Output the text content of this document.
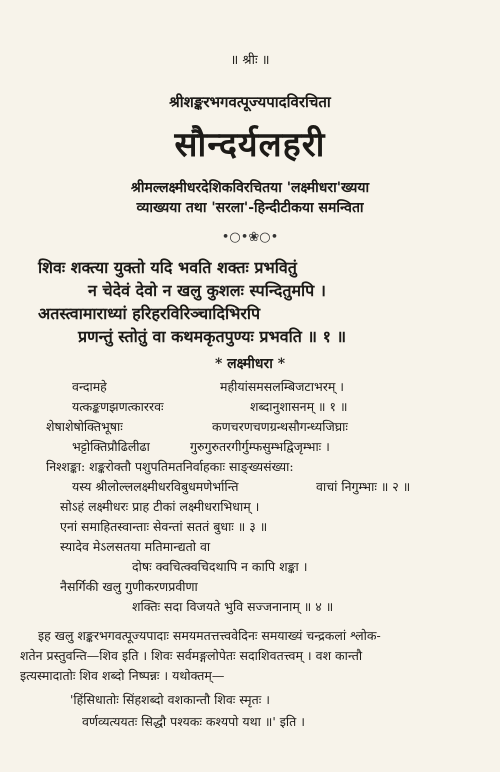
॥ श्रीः ॥
श्रीशङ्करभगवत्पूज्यपादविरचिता
सौन्दर्यलहरी
श्रीमल्लक्ष्मीधरदेशिकविरचितया 'लक्ष्मीधरा'ख्यया
व्याख्यया तथा 'सरला'-हिन्दीटीकया समन्विता
•○•❀○•
शिवः शक्त्या युक्तो यदि भवति शक्तः प्रभवितुं
न चेदेवं देवो न खलु कुशलः स्पन्दितुमपि ।
अतस्त्वामाराध्यां हरिहरविरिञ्चादिभिरपि
प्रणन्तुं स्तोतुं वा कथमकृतपुण्यः प्रभवति ॥ १ ॥
* लक्ष्मीधरा *
वन्दामहे	महीयांसमसलम्बिजटाभरम् ।
यत्कङ्कणझणत्काररवः	शब्दानुशासनम् ॥ १ ॥
शेषाशेषोक्तिभूषाः	कणचरणचणग्रन्थसौगन्ध्यजिघ्राः
भट्टोक्तिप्रौढिलीढा	गुरुगुरुतरगीर्गुम्फसुम्भद्विजृम्भाः ।
निश्शङ्का: शङ्करोक्तौ पशुपतिमतनिर्वाहकाः साङ्ख्यसंख्या:
यस्य श्रीलोल्ललक्ष्मीधरविबुधमणेर्भान्ति	वाचां निगुम्भाः ॥ २ ॥
सोऽहं लक्ष्मीधरः प्राह टीकां लक्ष्मीधराभिधाम् ।
एनां समाहितस्वान्ताः सेवन्तां सततं बुधाः ॥ ३ ॥
स्यादेव मेऽलसतया मतिमान्द्यतो वा
दोषः क्वचित्क्वचिदथापि न कापि शङ्का ।
नैसर्गिकी खलु गुणीकरणप्रवीणा
शक्तिः सदा विजयते भुवि सज्जनानाम् ॥ ४ ॥
इह खलु शङ्करभगवत्पूज्यपादाः समयमतत्तत्त्ववेदिनः समयाख्यं चन्द्रकलां श्लोक-
शतेन प्रस्तुवन्ति—शिव इति । शिवः सर्वमङ्गलोपेतः सदाशिवतत्त्वम् । वश कान्तौ
इत्यस्मादातोः शिव शब्दो निष्पन्नः । यथोक्तम्—
'हिंसिधातोः सिंहशब्दो वशकान्तौ शिवः स्मृतः ।
वर्णव्यत्ययतः सिद्धौ पश्यकः कश्यपो यथा ॥' इति ।
